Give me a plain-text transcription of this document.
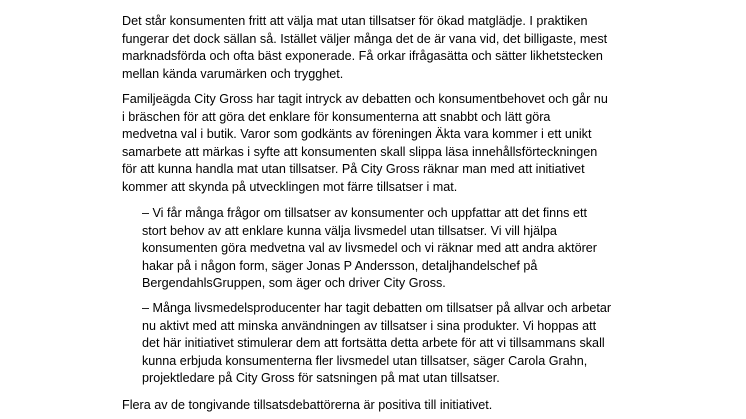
Det står konsumenten fritt att välja mat utan tillsatser för ökad matglädje. I praktiken
fungerar det dock sällan så. Istället väljer många det de är vana vid, det billigaste, mest
marknadsförda och ofta bäst exponerade. Få orkar ifrågasätta och sätter likhetstecken
mellan kända varumärken och trygghet.

Familjeägda City Gross har tagit intryck av debatten och konsumentbehovet och går nu
i bräschen för att göra det enklare för konsumenterna att snabbt och lätt göra
medvetna val i butik. Varor som godkänts av föreningen Äkta vara kommer i ett unikt
samarbete att märkas i syfte att konsumenten skall slippa läsa innehållsförteckningen
för att kunna handla mat utan tillsatser. På City Gross räknar man med att initiativet
kommer att skynda på utvecklingen mot färre tillsatser i mat.

– Vi får många frågor om tillsatser av konsumenter och uppfattar att det finns ett
stort behov av att enklare kunna välja livsmedel utan tillsatser. Vi vill hjälpa
konsumenten göra medvetna val av livsmedel och vi räknar med att andra aktörer
hakar på i någon form, säger Jonas P Andersson, detaljhandelschef på
BergendahlsGruppen, som äger och driver City Gross.

– Många livsmedelsproducenter har tagit debatten om tillsatser på allvar och arbetar
nu aktivt med att minska användningen av tillsatser i sina produkter. Vi hoppas att
det här initiativet stimulerar dem att fortsätta detta arbete för att vi tillsammans skall
kunna erbjuda konsumenterna fler livsmedel utan tillsatser, säger Carola Grahn,
projektledare på City Gross för satsningen på mat utan tillsatser.

Flera av de tongivande tillsatsdebattörerna är positiva till initiativet.
